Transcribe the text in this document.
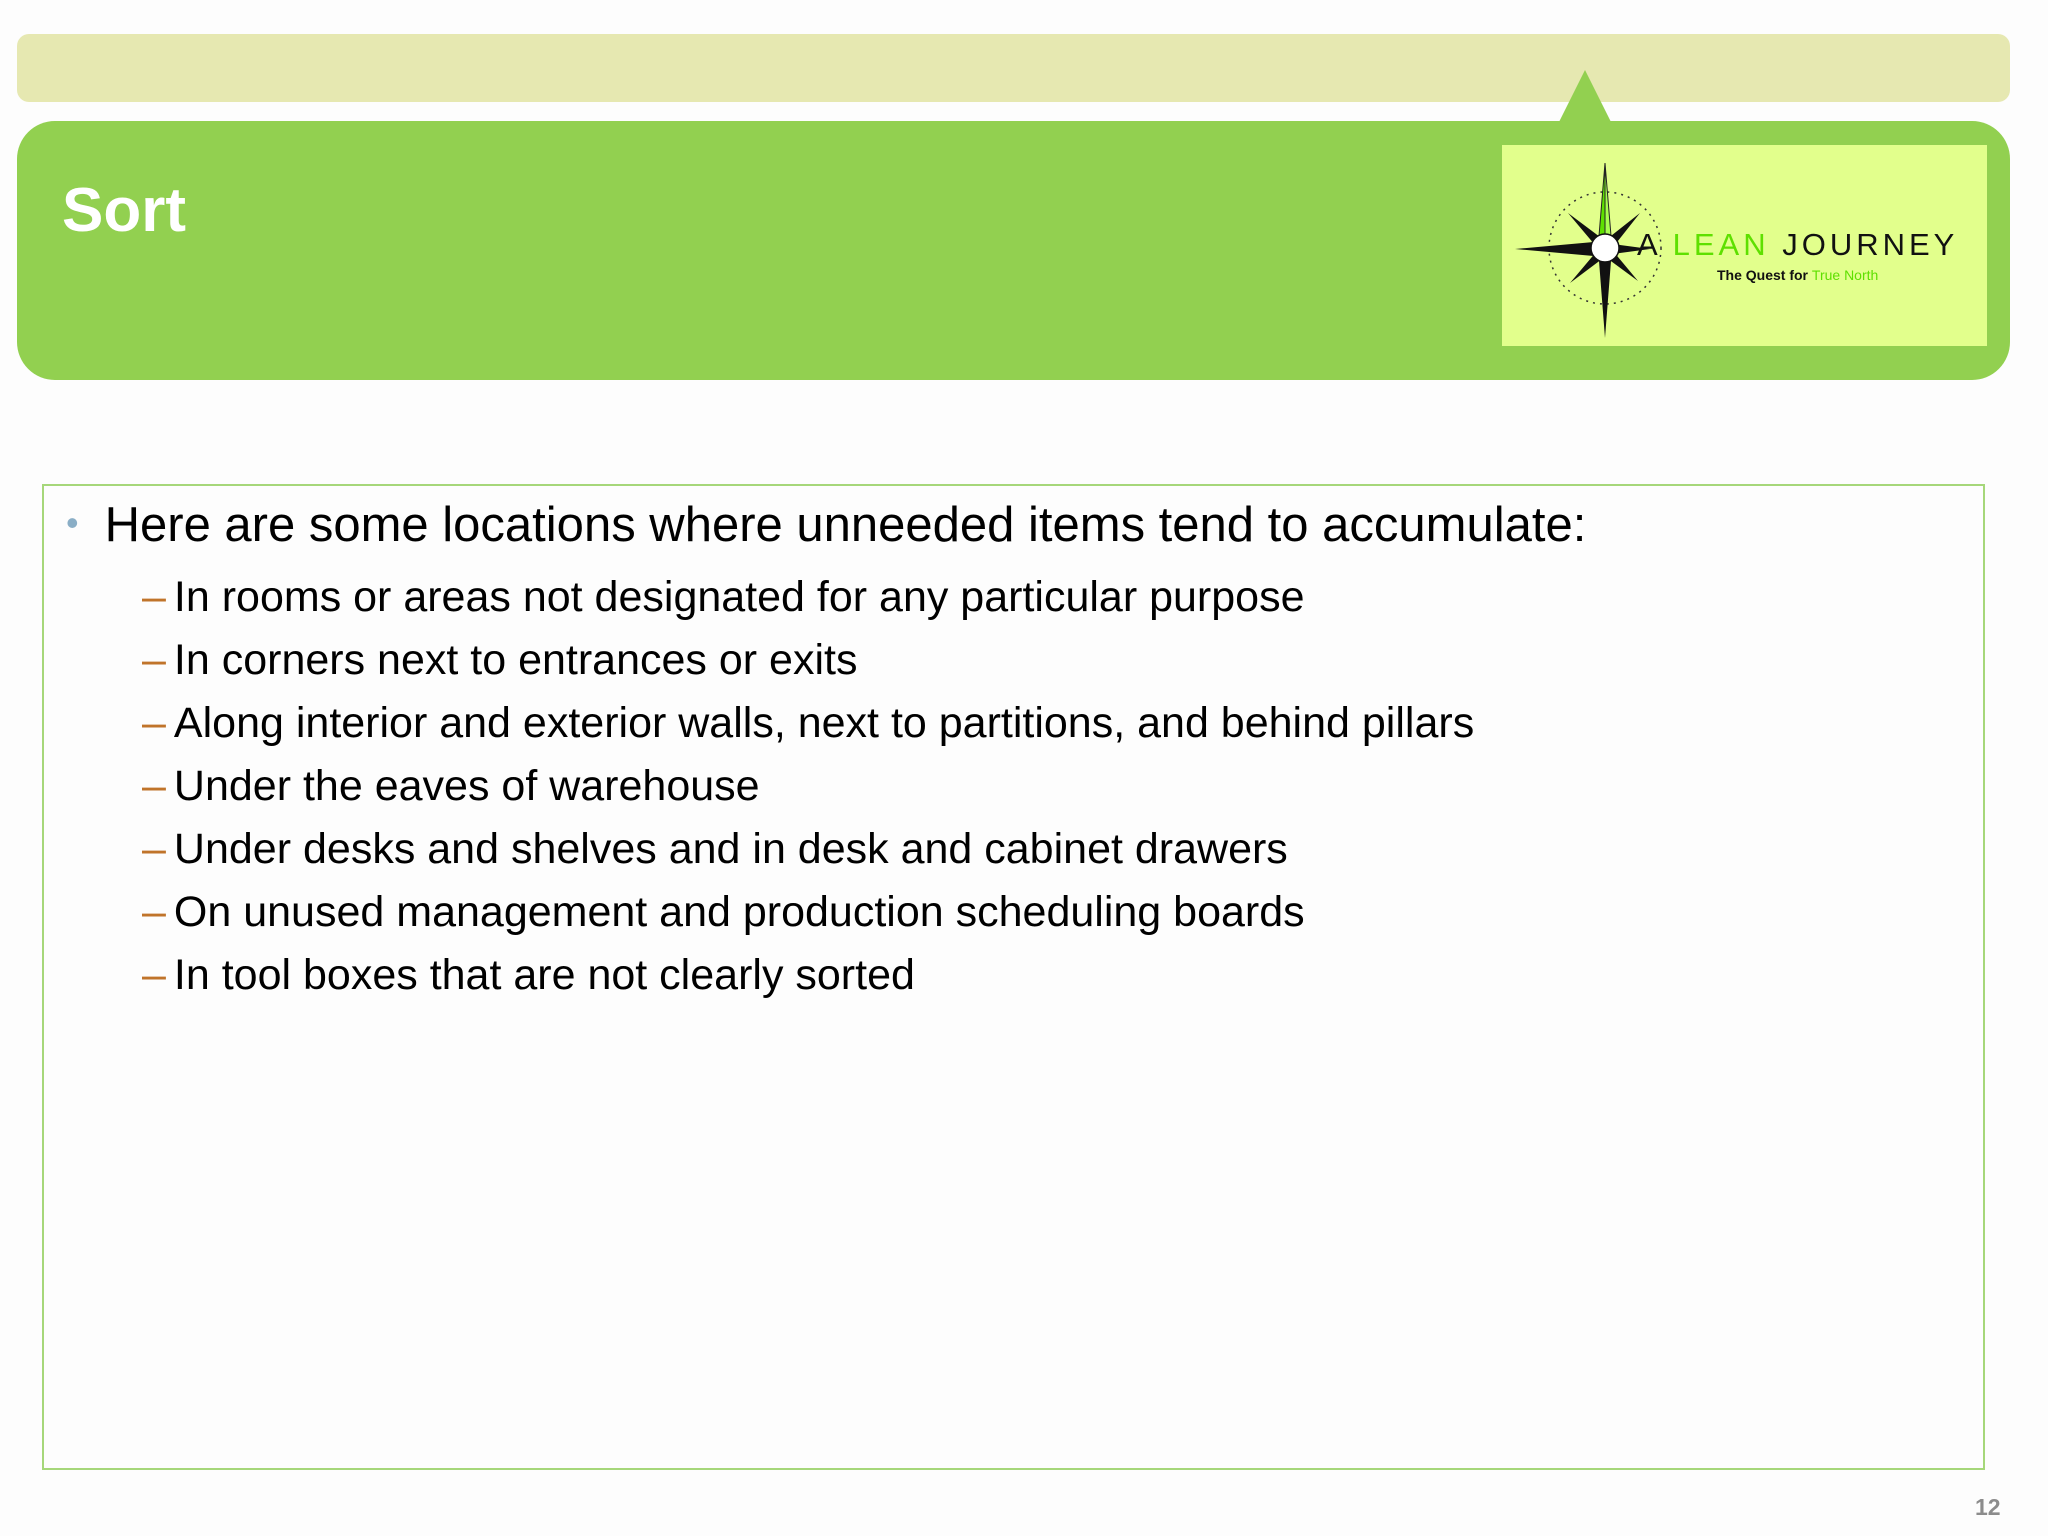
Sort	A LEAN JOURNEY
The Quest for True North
• Here are some locations where unneeded items tend to accumulate:
– In rooms or areas not designated for any particular purpose
– In corners next to entrances or exits
– Along interior and exterior walls, next to partitions, and behind pillars
– Under the eaves of warehouse
– Under desks and shelves and in desk and cabinet drawers
– On unused management and production scheduling boards
– In tool boxes that are not clearly sorted
12
